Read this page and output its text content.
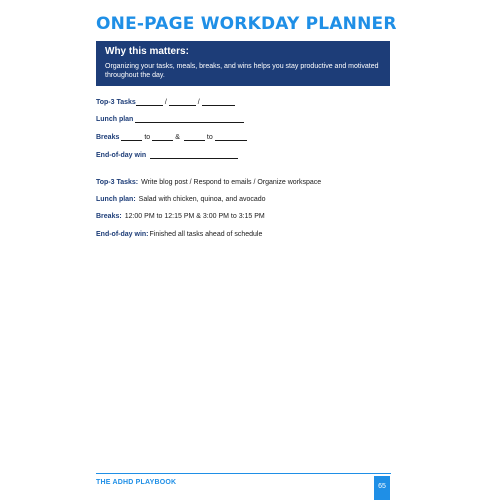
ONE-PAGE WORKDAY PLANNER
Why this matters:
Organizing your tasks, meals, breaks, and wins helps you stay productive and motivated throughout the day.
Top-3 Tasks	/	/
Lunch plan
Breaks	to	&	to
End-of-day win
Top-3 Tasks: Write blog post / Respond to emails / Organize workspace
Lunch plan: Salad with chicken, quinoa, and avocado
Breaks: 12:00 PM to 12:15 PM & 3:00 PM to 3:15 PM
End-of-day win:Finished all tasks ahead of schedule
THE ADHD PLAYBOOK
65
